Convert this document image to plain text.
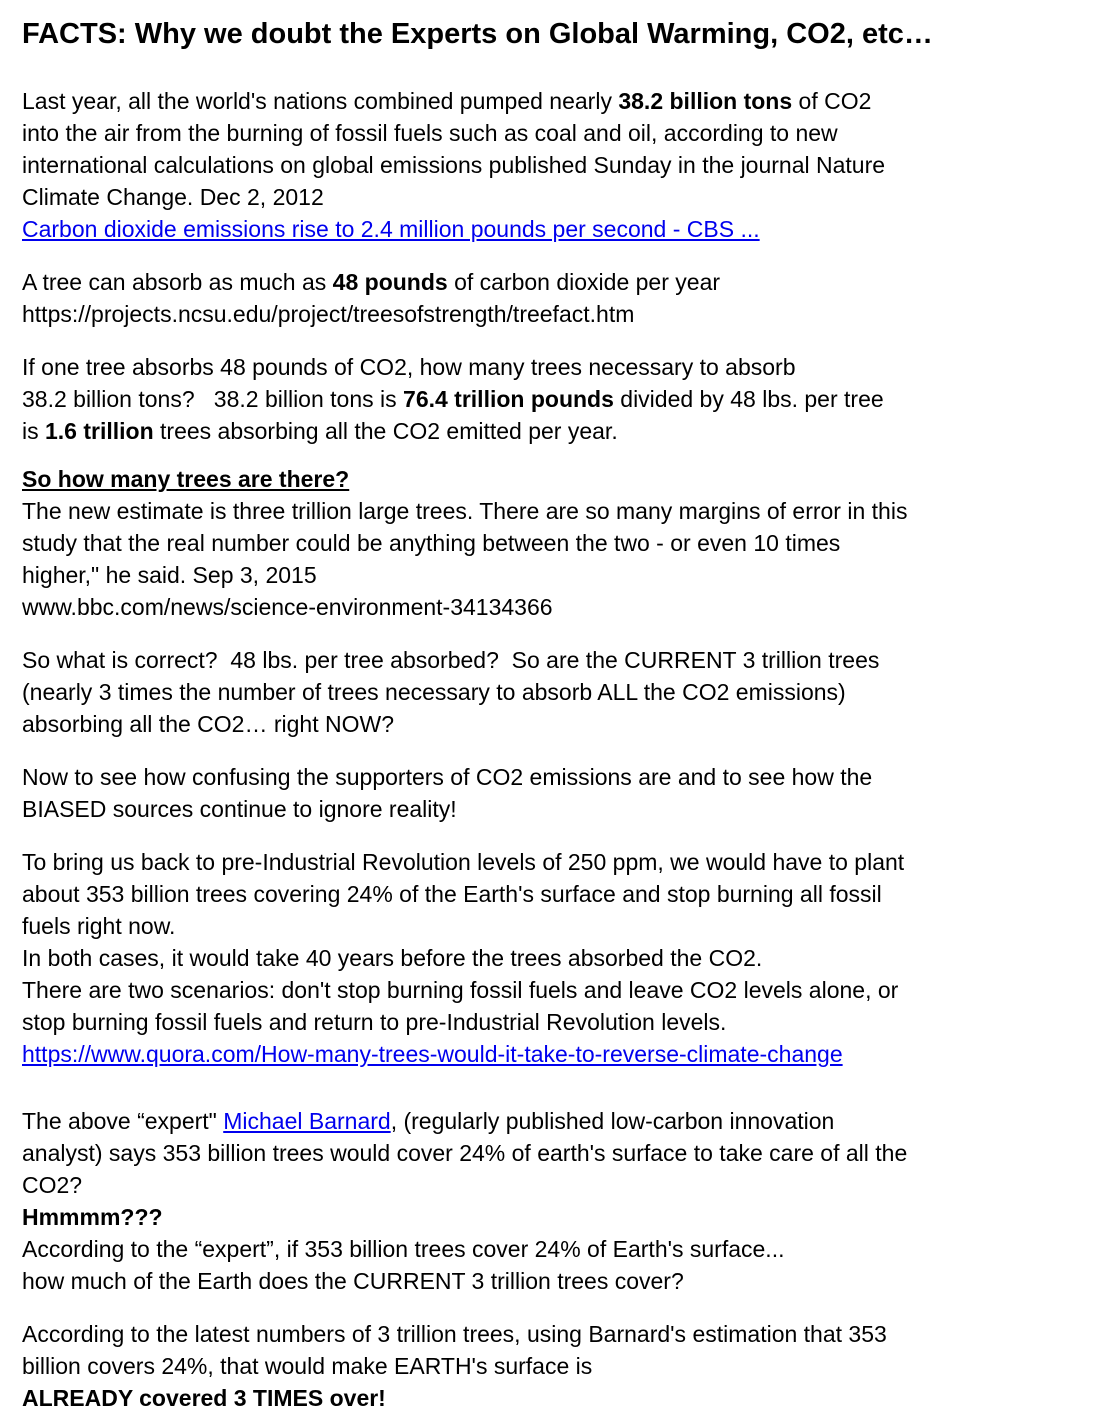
FACTS: Why we doubt the Experts on Global Warming, CO2, etc…

Last year, all the world's nations combined pumped nearly 38.2 billion tons of CO2
into the air from the burning of fossil fuels such as coal and oil, according to new
international calculations on global emissions published Sunday in the journal Nature
Climate Change. Dec 2, 2012
Carbon dioxide emissions rise to 2.4 million pounds per second - CBS ...

A tree can absorb as much as 48 pounds of carbon dioxide per year
https://projects.ncsu.edu/project/treesofstrength/treefact.htm

If one tree absorbs 48 pounds of CO2, how many trees necessary to absorb
38.2 billion tons?   38.2 billion tons is 76.4 trillion pounds divided by 48 lbs. per tree
is 1.6 trillion trees absorbing all the CO2 emitted per year.

So how many trees are there?
The new estimate is three trillion large trees. There are so many margins of error in this
study that the real number could be anything between the two - or even 10 times
higher," he said. Sep 3, 2015
www.bbc.com/news/science-environment-34134366

So what is correct?  48 lbs. per tree absorbed?  So are the CURRENT 3 trillion trees
(nearly 3 times the number of trees necessary to absorb ALL the CO2 emissions)
absorbing all the CO2… right NOW?

Now to see how confusing the supporters of CO2 emissions are and to see how the
BIASED sources continue to ignore reality!

To bring us back to pre-Industrial Revolution levels of 250 ppm, we would have to plant
about 353 billion trees covering 24% of the Earth's surface and stop burning all fossil
fuels right now.
In both cases, it would take 40 years before the trees absorbed the CO2.
There are two scenarios: don't stop burning fossil fuels and leave CO2 levels alone, or
stop burning fossil fuels and return to pre-Industrial Revolution levels.
https://www.quora.com/How-many-trees-would-it-take-to-reverse-climate-change

The above “expert" Michael Barnard, (regularly published low-carbon innovation
analyst) says 353 billion trees would cover 24% of earth's surface to take care of all the
CO2?
Hmmmm???
According to the “expert”, if 353 billion trees cover 24% of Earth's surface...
how much of the Earth does the CURRENT 3 trillion trees cover?

According to the latest numbers of 3 trillion trees, using Barnard's estimation that 353
billion covers 24%, that would make EARTH's surface is
ALREADY covered 3 TIMES over!
